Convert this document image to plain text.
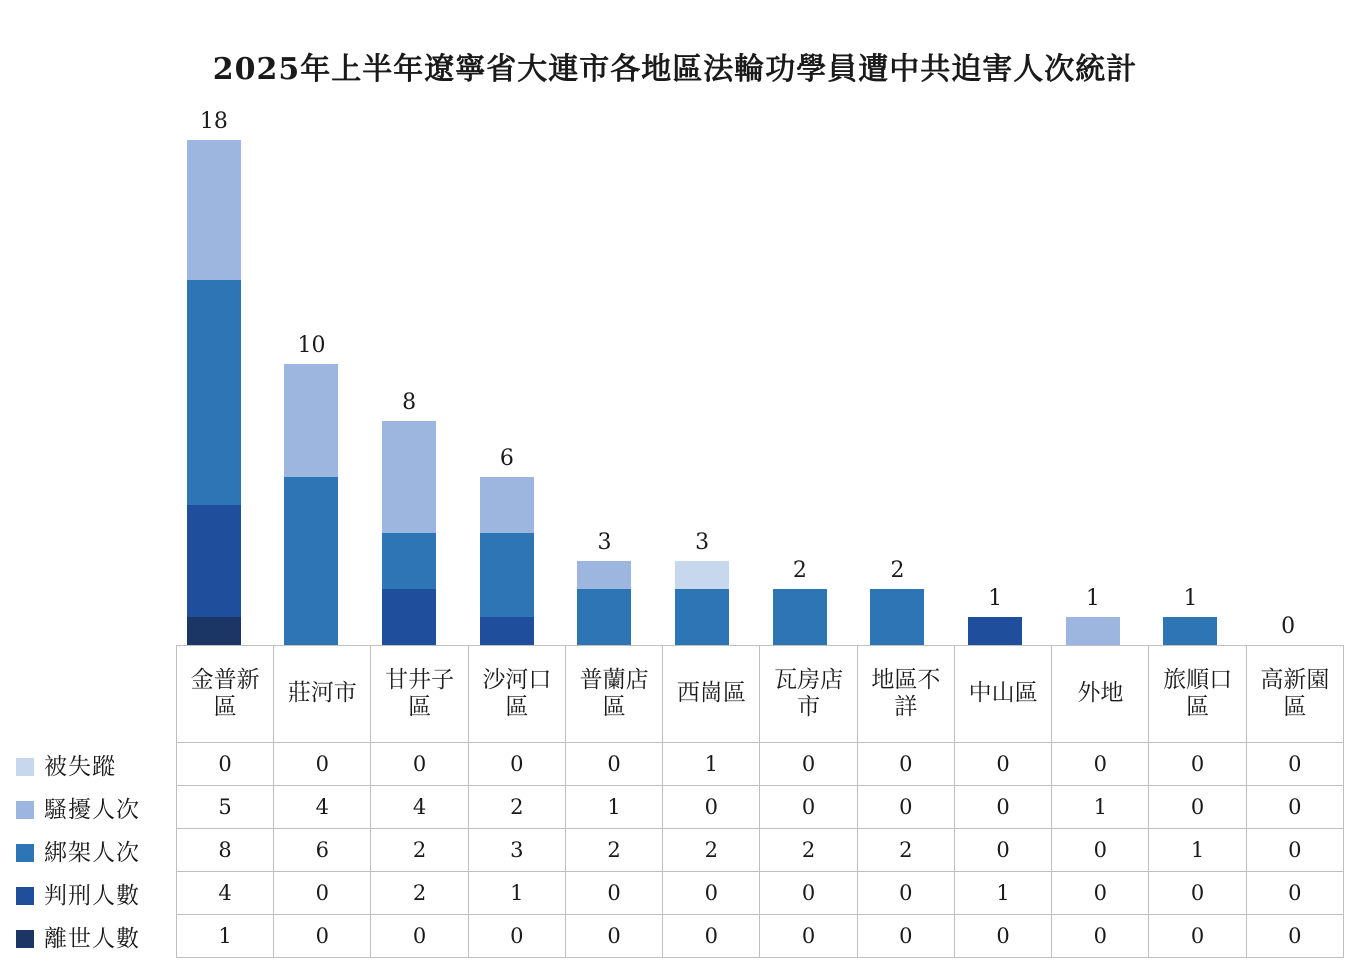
2025年上半年遼寧省大連市各地區法輪功學員遭中共迫害人次統計
18
10
8
6
3	3
2	2
1	1	1
0

	金普新區	莊河市	甘井子區	沙河口區	普蘭店區	西崗區	瓦房店市	地區不詳	中山區	外地	旅順口區	高新園區

被失蹤	0	0	0	0	0	1	0	0	0	0	0	0
騷擾人次	5	4	4	2	1	0	0	0	0	1	0	0
綁架人次	8	6	2	3	2	2	2	2	0	0	1	0
判刑人數	4	0	2	1	0	0	0	0	1	0	0	0
離世人數	1	0	0	0	0	0	0	0	0	0	0	0
